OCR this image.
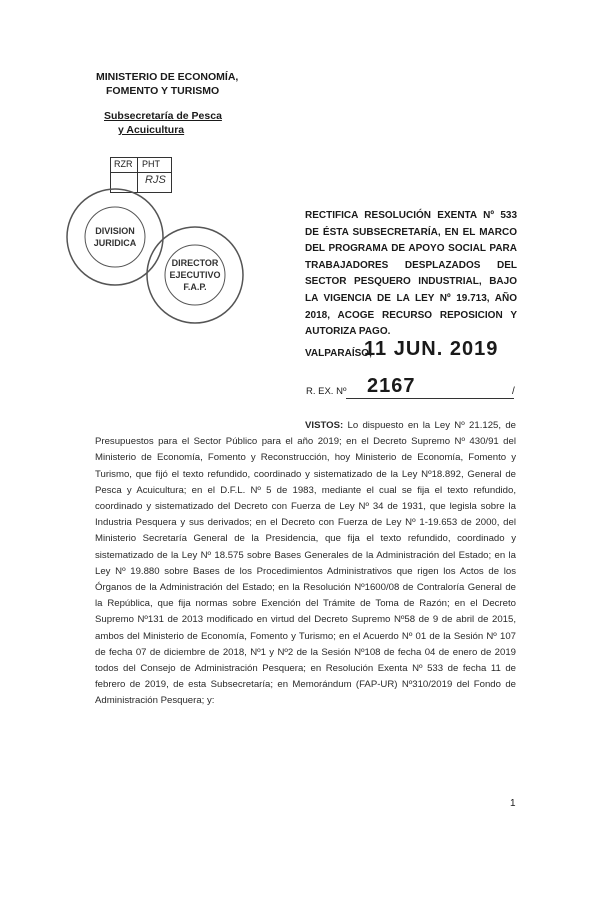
MINISTERIO DE ECONOMÍA,
FOMENTO Y TURISMO
Subsecretaría de Pesca
y Acuicultura
RZR PHT
RJS
DIVISION
JURIDICA
DIRECTOR
EJECUTIVO
F.A.P.
RECTIFICA RESOLUCIÓN EXENTA Nº 533 DE ÉSTA SUBSECRETARÍA, EN EL MARCO DEL PROGRAMA DE APOYO SOCIAL PARA TRABAJADORES DESPLAZADOS DEL SECTOR PESQUERO INDUSTRIAL, BAJO LA VIGENCIA DE LA LEY Nº 19.713, AÑO 2018, ACOGE RECURSO REPOSICION Y AUTORIZA PAGO.
VALPARAÍSO,
11 JUN. 2019
R. EX. Nº 2167	/
VISTOS: Lo dispuesto en la Ley Nº 21.125, de Presupuestos para el Sector Público para el año 2019; en el Decreto Supremo Nº 430/91 del Ministerio de Economía, Fomento y Reconstrucción, hoy Ministerio de Economía, Fomento y Turismo, que fijó el texto refundido, coordinado y sistematizado de la Ley Nº18.892, General de Pesca y Acuicultura; en el D.F.L. Nº 5 de 1983, mediante el cual se fija el texto refundido, coordinado y sistematizado del Decreto con Fuerza de Ley Nº 34 de 1931, que legisla sobre la Industria Pesquera y sus derivados; en el Decreto con Fuerza de Ley Nº 1-19.653 de 2000, del Ministerio Secretaría General de la Presidencia, que fija el texto refundido, coordinado y sistematizado de la Ley Nº 18.575 sobre Bases Generales de la Administración del Estado; en la Ley Nº 19.880 sobre Bases de los Procedimientos Administrativos que rigen los Actos de los Órganos de la Administración del Estado; en la Resolución Nº1600/08 de Contraloría General de la República, que fija normas sobre Exención del Trámite de Toma de Razón; en el Decreto Supremo Nº131 de 2013 modificado en virtud del Decreto Supremo Nº58 de 9 de abril de 2015, ambos del Ministerio de Economía, Fomento y Turismo; en el Acuerdo Nº 01 de la Sesión Nº 107 de fecha 07 de diciembre de 2018, Nº1 y Nº2 de la Sesión Nº108 de fecha 04 de enero de 2019 todos del Consejo de Administración Pesquera; en Resolución Exenta Nº 533 de fecha 11 de febrero de 2019, de esta Subsecretaría; en Memorándum (FAP-UR) Nº310/2019 del Fondo de Administración Pesquera; y:
1
